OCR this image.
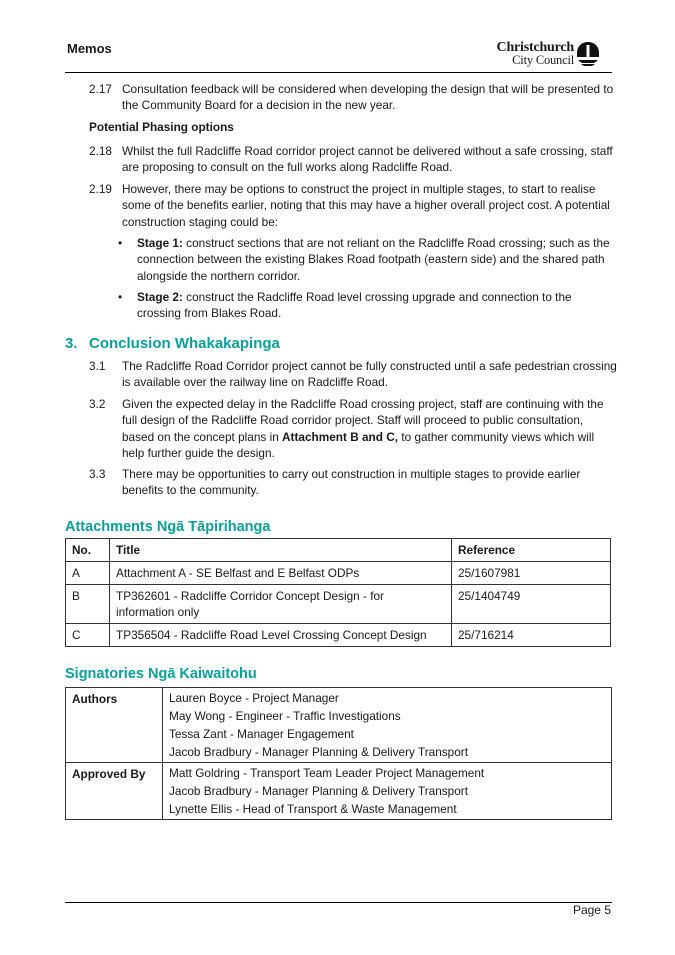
Memos	Christchurch
City Council
2.17 Consultation feedback will be considered when developing the design that will be presented to the Community Board for a decision in the new year.
Potential Phasing options
2.18 Whilst the full Radcliffe Road corridor project cannot be delivered without a safe crossing, staff are proposing to consult on the full works along Radcliffe Road.
2.19 However, there may be options to construct the project in multiple stages, to start to realise some of the benefits earlier, noting that this may have a higher overall project cost. A potential construction staging could be:
• Stage 1: construct sections that are not reliant on the Radcliffe Road crossing; such as the connection between the existing Blakes Road footpath (eastern side) and the shared path alongside the northern corridor.
• Stage 2: construct the Radcliffe Road level crossing upgrade and connection to the crossing from Blakes Road.
3. Conclusion Whakakapinga
3.1 The Radcliffe Road Corridor project cannot be fully constructed until a safe pedestrian crossing is available over the railway line on Radcliffe Road.
3.2 Given the expected delay in the Radcliffe Road crossing project, staff are continuing with the full design of the Radcliffe Road corridor project. Staff will proceed to public consultation, based on the concept plans in Attachment B and C, to gather community views which will help further guide the design.
3.3 There may be opportunities to carry out construction in multiple stages to provide earlier benefits to the community.
Attachments Ngā Tāpirihanga
No.	Title	Reference
A	Attachment A - SE Belfast and E Belfast ODPs	25/1607981
B	TP362601 - Radcliffe Corridor Concept Design - for information only	25/1404749
C	TP356504 - Radcliffe Road Level Crossing Concept Design	25/716214
Signatories Ngā Kaiwaitohu
Authors	Lauren Boyce - Project Manager
May Wong - Engineer - Traffic Investigations
Tessa Zant - Manager Engagement
Jacob Bradbury - Manager Planning & Delivery Transport

Approved By	Matt Goldring - Transport Team Leader Project Management
Jacob Bradbury - Manager Planning & Delivery Transport
Lynette Ellis - Head of Transport & Waste Management
Page 5
